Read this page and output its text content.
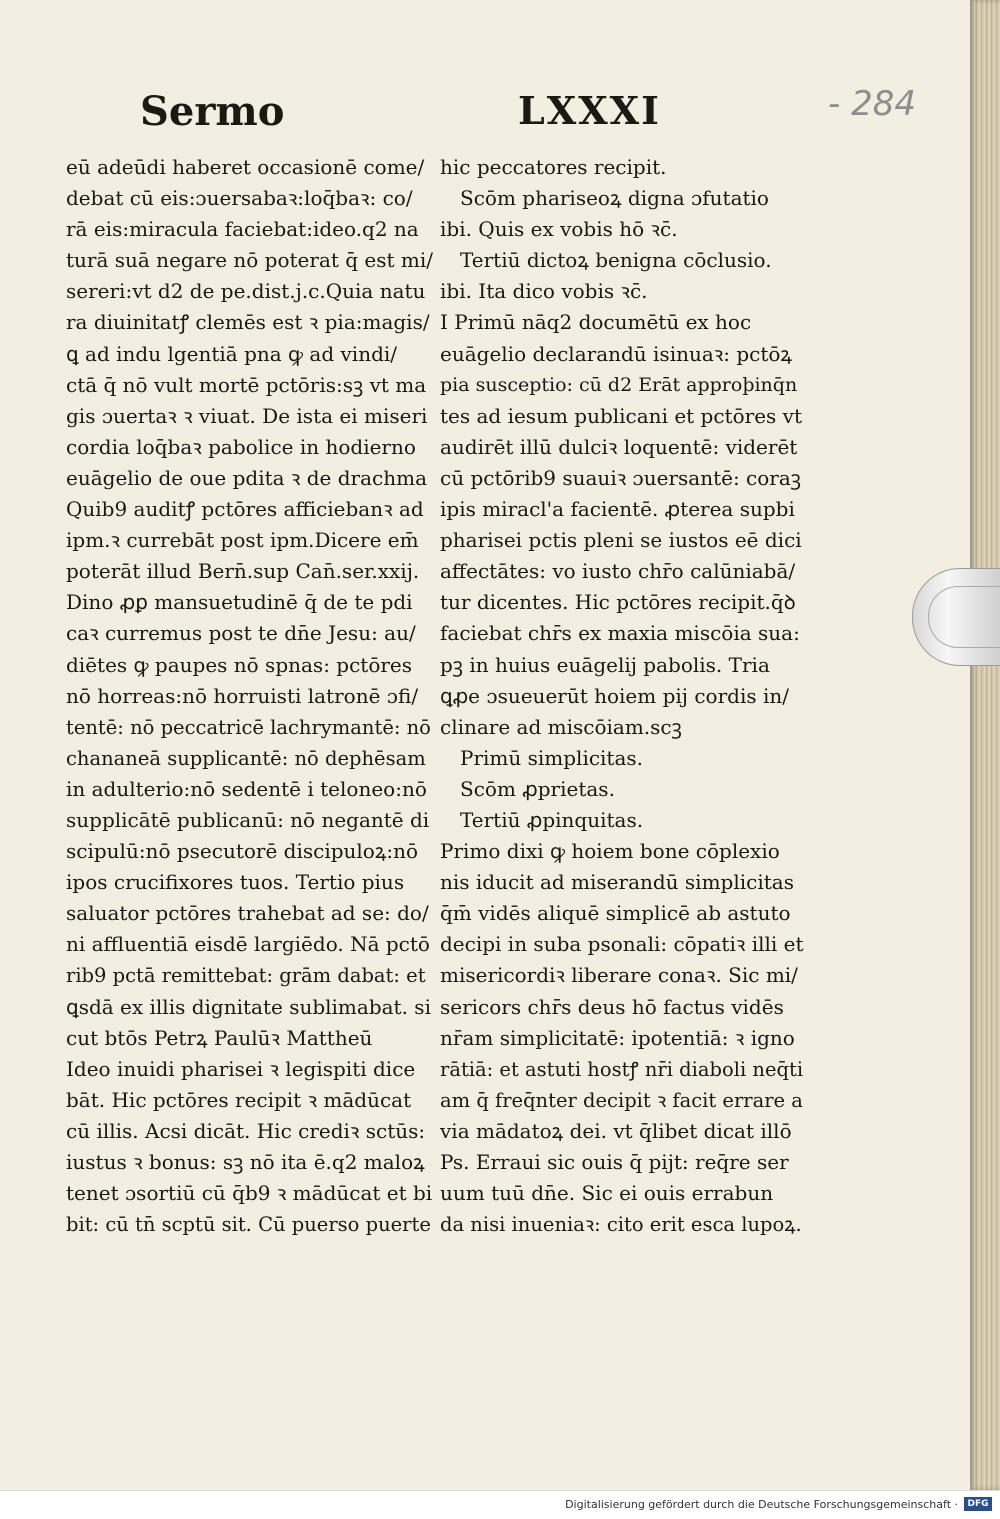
Sermo	LXXXI	- 284
eū adeūdi haberet occasionē come/
debat cū eis:ɔuersabaꝛ:loq̄baꝛ: co/
rā eis:miracula faciebat:ideo.q2 na
turā suā negare nō poterat q̄ est mi/
sereri:vt d2 de pe.dist.j.c.Quia natu
ra diuinitatꝭ clemēs est ꝛ pia:magis/
ꝗ ad indu lgentiā pna ꝙ ad vindi/
ctā q̄ nō vult mortē pctōris:sꝫ vt ma
gis ɔuertaꝛ ꝛ viuat. De ista ei miseri
cordia loq̄baꝛ pabolice in hodierno
euāgelio de oue pdita ꝛ de drachma
Quib9 auditꝭ pctōres afficiebanꝛ ad
ipm.ꝛ currebāt post ipm.Dicere em̄
poterāt illud Bern̄.sup Can̄.ser.xxij.
Dino ꝓꝑ mansuetudinē q̄ de te pdi
caꝛ curremus post te dn̄e Jesu: au/
diētes ꝙ paupes nō spnas: pctōres
nō horreas:nō horruisti latronē ɔfi/
tentē: nō peccatricē lachrymantē: nō
chananeā supplicantē: nō dephēsam
in adulterio:nō sedentē i teloneo:nō
supplicātē publicanū: nō negantē di
scipulū:nō psecutorē discipuloꝝ:nō
ipos crucifixores tuos. Tertio pius
saluator pctōres trahebat ad se: do/
ni affluentiā eisdē largiēdo. Nā pctō
rib9 pctā remittebat: grām dabat: et
ꝗsdā ex illis dignitate sublimabat. si
cut btōs Petrꝝ Paulūꝛ Mattheū
Ideo inuidi pharisei ꝛ legispiti dice
bāt. Hic pctōres recipit ꝛ mādūcat
cū illis. Acsi dicāt. Hic crediꝛ sctūs:
iustus ꝛ bonus: sꝫ nō ita ē.q2 maloꝝ
tenet ɔsortiū cū q̄b9 ꝛ mādūcat et bi
bit: cū tn̄ scptū sit. Cū puerso puerte
hic peccatores recipit.
Scōm phariseoꝝ digna ɔfutatio
ibi. Quis ex vobis hō ꝛc̄.
Tertiū dictoꝝ benigna cōclusio.
ibi. Ita dico vobis ꝛc̄.
I Primū nāq2 documētū ex hoc
euāgelio declarandū isinuaꝛ: pctōꝝ
pia susceptio: cū d2 Erāt approþinq̄n
tes ad iesum publicani et pctōres vt
audirēt illū dulciꝛ loquentē: viderēt
cū pctōrib9 suauiꝛ ɔuersantē: coraꝫ
ipis miracl'a facientē. ꝓterea supbi
pharisei pctis pleni se iustos eē dici
affectātes: vo iusto chr̄o calūniabā/
tur dicentes. Hic pctōres recipit.q̄ꝺ
faciebat chr̄s ex maxia miscōia sua:
pꝫ in huius euāgelij pabolis. Tria
ꝗꝓe ɔsueuerūt hoiem pij cordis in/
clinare ad miscōiam.scꝫ
Primū simplicitas.
Scōm ꝓprietas.
Tertiū ꝓpinquitas.
Primo dixi ꝙ hoiem bone cōplexio
nis iducit ad miserandū simplicitas
q̄m̄ vidēs aliquē simplicē ab astuto
decipi in suba psonali: cōpatiꝛ illi et
misericordiꝛ liberare conaꝛ. Sic mi/
sericors chr̄s deus hō factus vidēs
nr̄am simplicitatē: ipotentiā: ꝛ igno
rātiā: et astuti hostꝭ nr̄i diaboli neq̄ti
am q̄ freq̄nter decipit ꝛ facit errare a
via mādatoꝝ dei. vt q̄libet dicat illō
Ps. Erraui sic ouis q̄ pijt: req̄re ser
uum tuū dn̄e. Sic ei ouis errabun
da nisi inueniaꝛ: cito erit esca lupoꝝ.
Digitalisierung gefördert durch die Deutsche Forschungsgemeinschaft ·	DFG
